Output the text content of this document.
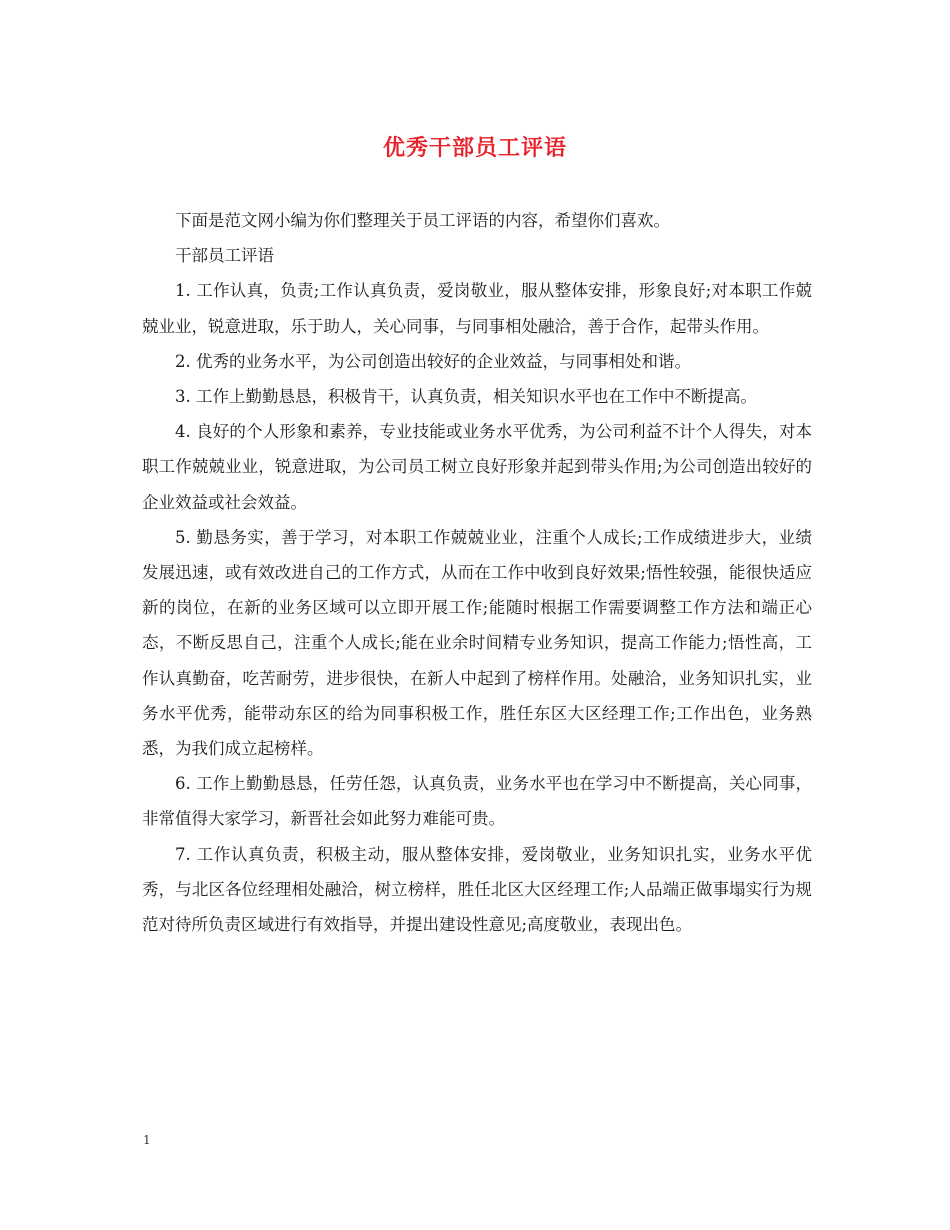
优秀干部员工评语

下面是范文网小编为你们整理关于员工评语的内容，希望你们喜欢。

干部员工评语

1. 工作认真，负责;工作认真负责，爱岗敬业，服从整体安排，形象良好;对本职工作兢兢业业，锐意进取，乐于助人，关心同事，与同事相处融洽，善于合作，起带头作用。

2. 优秀的业务水平，为公司创造出较好的企业效益，与同事相处和谐。

3. 工作上勤勤恳恳，积极肯干，认真负责，相关知识水平也在工作中不断提高。

4. 良好的个人形象和素养，专业技能或业务水平优秀，为公司利益不计个人得失，对本职工作兢兢业业，锐意进取，为公司员工树立良好形象并起到带头作用;为公司创造出较好的企业效益或社会效益。

5. 勤恳务实，善于学习，对本职工作兢兢业业，注重个人成长;工作成绩进步大，业绩发展迅速，或有效改进自己的工作方式，从而在工作中收到良好效果;悟性较强，能很快适应新的岗位，在新的业务区域可以立即开展工作;能随时根据工作需要调整工作方法和端正心态，不断反思自己，注重个人成长;能在业余时间精专业务知识，提高工作能力;悟性高，工作认真勤奋，吃苦耐劳，进步很快，在新人中起到了榜样作用。处融洽，业务知识扎实，业务水平优秀，能带动东区的给为同事积极工作，胜任东区大区经理工作;工作出色，业务熟悉，为我们成立起榜样。

6. 工作上勤勤恳恳，任劳任怨，认真负责，业务水平也在学习中不断提高，关心同事，非常值得大家学习，新晋社会如此努力难能可贵。

7. 工作认真负责，积极主动，服从整体安排，爱岗敬业，业务知识扎实，业务水平优秀，与北区各位经理相处融洽，树立榜样，胜任北区大区经理工作;人品端正做事塌实行为规范对待所负责区域进行有效指导，并提出建设性意见;高度敬业，表现出色。

1
